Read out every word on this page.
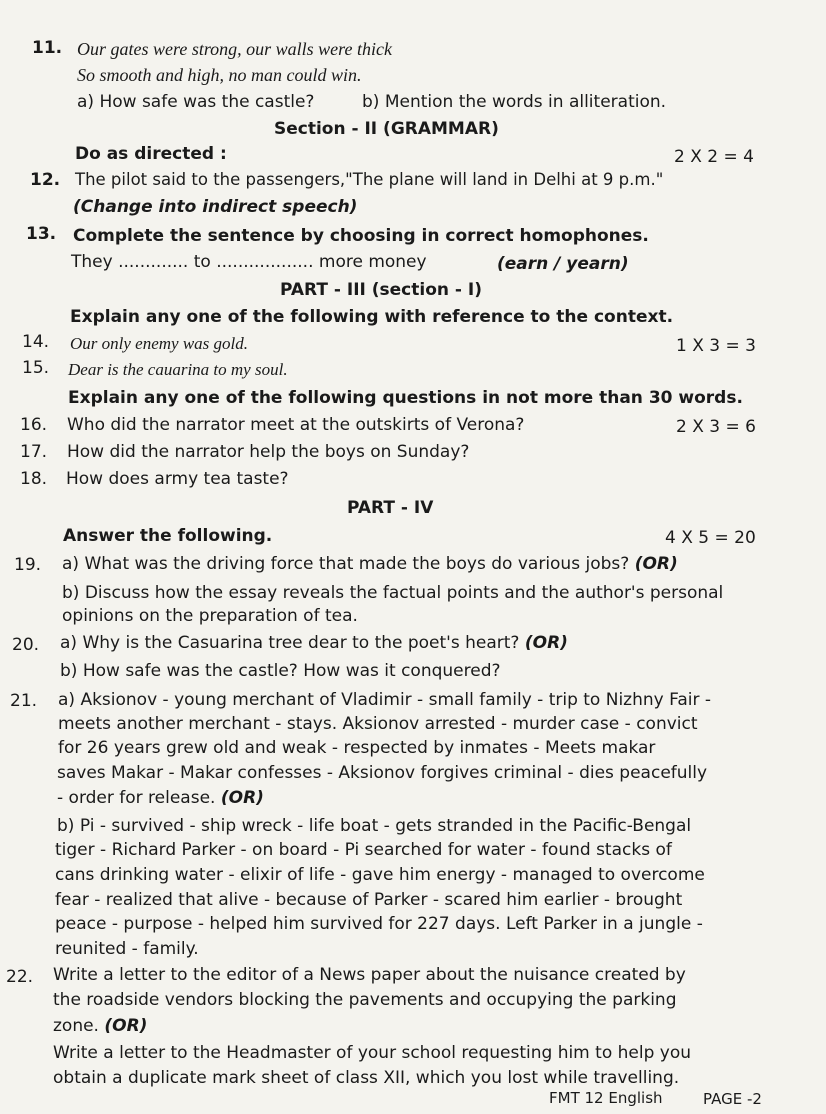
11. Our gates were strong, our walls were thick
So smooth and high, no man could win.
a) How safe was the castle?	b) Mention the words in alliteration.
Section - II (GRAMMAR)
Do as directed :	2 X 2 = 4
12. The pilot said to the passengers,"The plane will land in Delhi at 9 p.m."
(Change into indirect speech)
13. Complete the sentence by choosing in correct homophones.
They ............. to .................. more money	(earn / yearn)
PART - III (section - I)
Explain any one of the following with reference to the context.
14. Our only enemy was gold.	1 X 3 = 3
15. Dear is the cauarina to my soul.
Explain any one of the following questions in not more than 30 words.
16. Who did the narrator meet at the outskirts of Verona?	2 X 3 = 6
17. How did the narrator help the boys on Sunday?
18. How does army tea taste?
PART - IV
Answer the following.	4 X 5 = 20
19. a) What was the driving force that made the boys do various jobs? (OR)
b) Discuss how the essay reveals the factual points and the author's personal
opinions on the preparation of tea.
20. a) Why is the Casuarina tree dear to the poet's heart? (OR)
b) How safe was the castle? How was it conquered?
21. a) Aksionov - young merchant of Vladimir - small family - trip to Nizhny Fair -
meets another merchant - stays. Aksionov arrested - murder case - convict
for 26 years grew old and weak - respected by inmates - Meets makar
saves Makar - Makar confesses - Aksionov forgives criminal - dies peacefully
- order for release. (OR)
b) Pi - survived - ship wreck - life boat - gets stranded in the Pacific-Bengal
tiger - Richard Parker - on board - Pi searched for water - found stacks of
cans drinking water - elixir of life - gave him energy - managed to overcome
fear - realized that alive - because of Parker - scared him earlier - brought
peace - purpose - helped him survived for 227 days. Left Parker in a jungle -
reunited - family.
22. Write a letter to the editor of a News paper about the nuisance created by
the roadside vendors blocking the pavements and occupying the parking
zone. (OR)
Write a letter to the Headmaster of your school requesting him to help you
obtain a duplicate mark sheet of class XII, which you lost while travelling.
FMT 12 English	PAGE -2
